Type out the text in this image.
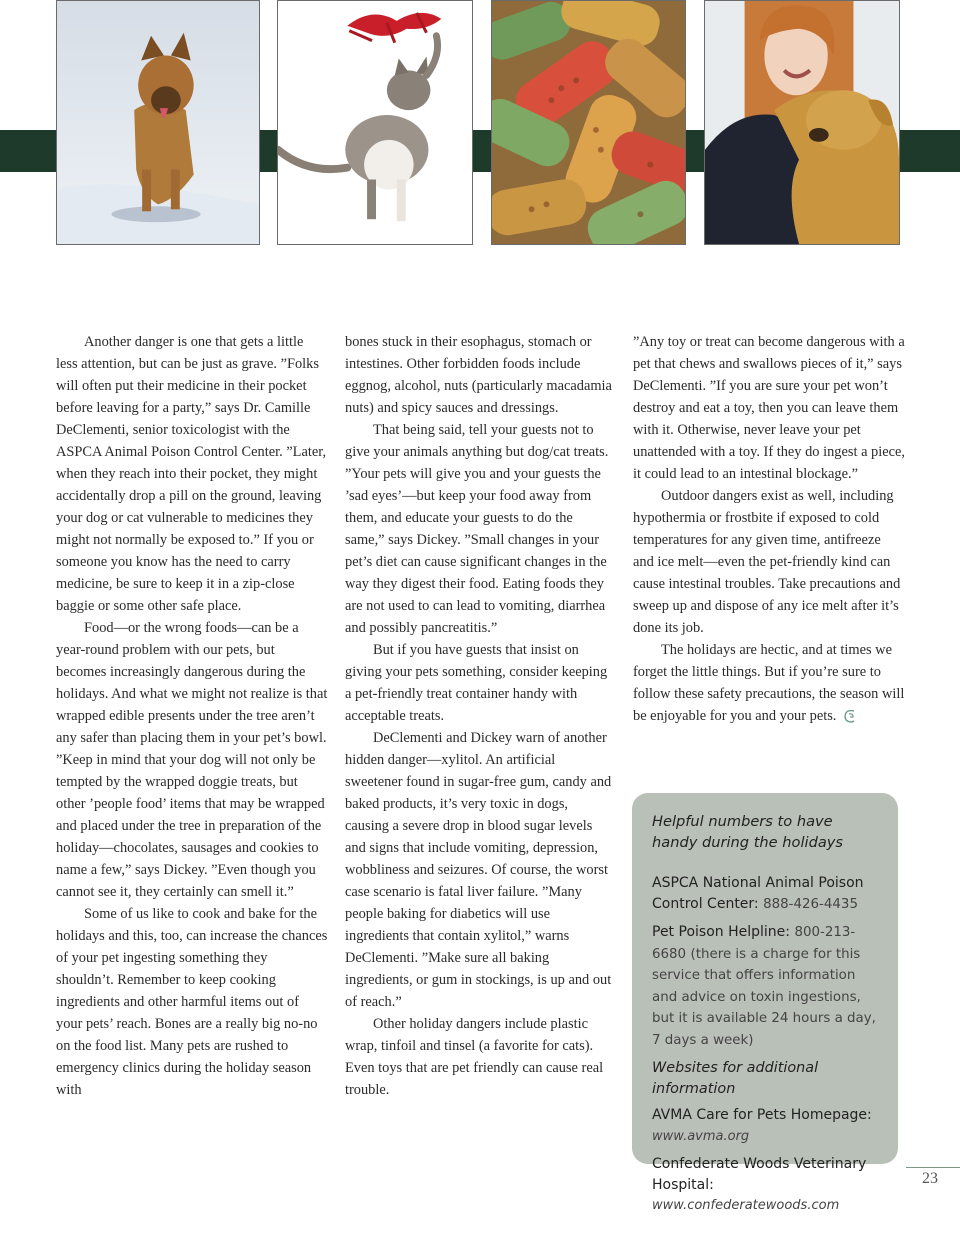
Another danger is one that gets a little less attention, but can be just as grave. ”Folks will often put their medicine in their pocket before leaving for a party,” says Dr. Camille DeClementi, senior toxicologist with the ASPCA Animal Poison Control Center. ”Later, when they reach into their pocket, they might accidentally drop a pill on the ground, leaving your dog or cat vulnerable to medicines they might not normally be exposed to.” If you or someone you know has the need to carry medicine, be sure to keep it in a zip-close baggie or some other safe place.

Food—or the wrong foods—can be a year-round problem with our pets, but becomes increasingly dangerous during the holidays. And what we might not realize is that wrapped edible presents under the tree aren’t any safer than placing them in your pet’s bowl. ”Keep in mind that your dog will not only be tempted by the wrapped doggie treats, but other ’people food’ items that may be wrapped and placed under the tree in preparation of the holiday—chocolates, sausages and cookies to name a few,” says Dickey. ”Even though you cannot see it, they certainly can smell it.”

Some of us like to cook and bake for the holidays and this, too, can increase the chances of your pet ingesting something they shouldn’t. Remember to keep cooking ingredients and other harmful items out of your pets’ reach. Bones are a really big no-no on the food list. Many pets are rushed to emergency clinics during the holiday season with

bones stuck in their esophagus, stomach or intestines. Other forbidden foods include eggnog, alcohol, nuts (particularly macadamia nuts) and spicy sauces and dressings.

That being said, tell your guests not to give your animals anything but dog/cat treats. ”Your pets will give you and your guests the ’sad eyes’—but keep your food away from them, and educate your guests to do the same,” says Dickey. ”Small changes in your pet’s diet can cause significant changes in the way they digest their food. Eating foods they are not used to can lead to vomiting, diarrhea and possibly pancreatitis.”

But if you have guests that insist on giving your pets something, consider keeping a pet-friendly treat container handy with acceptable treats.

DeClementi and Dickey warn of another hidden danger—xylitol. An artificial sweetener found in sugar-free gum, candy and baked products, it’s very toxic in dogs, causing a severe drop in blood sugar levels and signs that include vomiting, depression, wobbliness and seizures. Of course, the worst case scenario is fatal liver failure. ”Many people baking for diabetics will use ingredients that contain xylitol,” warns DeClementi. ”Make sure all baking ingredients, or gum in stockings, is up and out of reach.”

Other holiday dangers include plastic wrap, tinfoil and tinsel (a favorite for cats). Even toys that are pet friendly can cause real trouble.

”Any toy or treat can become dangerous with a pet that chews and swallows pieces of it,” says DeClementi. ”If you are sure your pet won’t destroy and eat a toy, then you can leave them with it. Otherwise, never leave your pet unattended with a toy. If they do ingest a piece, it could lead to an intestinal blockage.”

Outdoor dangers exist as well, including hypothermia or frostbite if exposed to cold temperatures for any given time, antifreeze and ice melt—even the pet-friendly kind can cause intestinal troubles. Take precautions and sweep up and dispose of any ice melt after it’s done its job.

The holidays are hectic, and at times we forget the little things. But if you’re sure to follow these safety precautions, the season will be enjoyable for you and your pets.

Helpful numbers to have handy during the holidays

ASPCA National Animal Poison Control Center: 888-426-4435

Pet Poison Helpline: 800-213-6680 (there is a charge for this service that offers information and advice on toxin ingestions, but it is available 24 hours a day, 7 days a week)

Websites for additional information

AVMA Care for Pets Homepage:
www.avma.org

Confederate Woods Veterinary Hospital: www.confederatewoods.com

23
